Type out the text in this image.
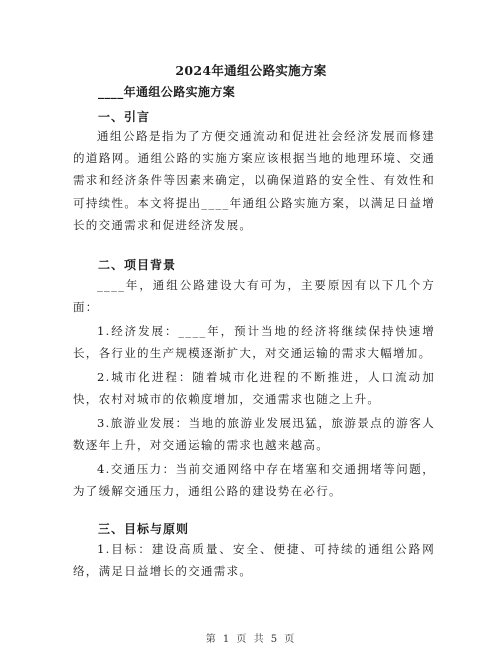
2024年通组公路实施方案
____年通组公路实施方案
一、引言

通组公路是指为了方便交通流动和促进社会经济发展而修建的道路网。通组公路的实施方案应该根据当地的地理环境、交通需求和经济条件等因素来确定，以确保道路的安全性、有效性和可持续性。本文将提出____年通组公路实施方案，以满足日益增长的交通需求和促进经济发展。

二、项目背景

____年，通组公路建设大有可为，主要原因有以下几个方面：

1.经济发展：____年，预计当地的经济将继续保持快速增长，各行业的生产规模逐渐扩大，对交通运输的需求大幅增加。

2.城市化进程：随着城市化进程的不断推进，人口流动加快，农村对城市的依赖度增加，交通需求也随之上升。

3.旅游业发展：当地的旅游业发展迅猛，旅游景点的游客人数逐年上升，对交通运输的需求也越来越高。

4.交通压力：当前交通网络中存在堵塞和交通拥堵等问题，为了缓解交通压力，通组公路的建设势在必行。

三、目标与原则

1.目标：建设高质量、安全、便捷、可持续的通组公路网络，满足日益增长的交通需求。

第 1 页 共 5 页
